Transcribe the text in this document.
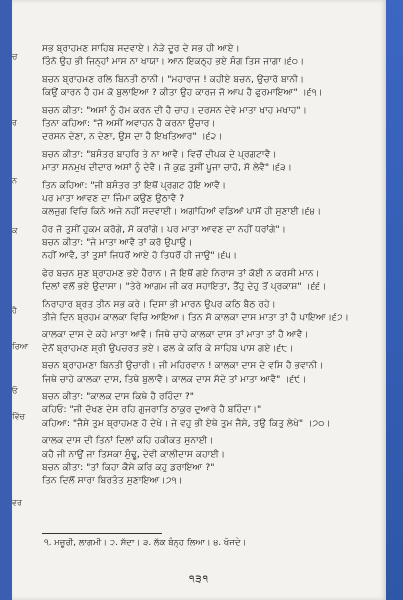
ਚ
ਰ
ਨ
ਕ
ਹੈ
ਰਿਆ
ਓ
ਵਿੱਚ
ਵਰ
ਸਭ ਬ੍ਰਾਹਮਣ ਸਾਹਿਬ ਸਦਵਾਏ। ਨੇੜੇ ਦੂਰ ਦੇ ਸਭ ਹੀ ਆਏ।
ਤਿੰਨੋ ਉਹ ਭੀ ਜਿਨ੍ਹਾਂ ਮਾਸ ਨਾ ਖਾਯਾ। ਆਨ ਇਕਠ੍ਹ ਭਏ ਸੰਗ ਤਿਸ ਜਾਗਾ।੬੦।
ਬਚਨ ਬ੍ਰਾਹਮਣ ਰਲਿ ਬਿਨਤੀ ਠਾਨੀ। "ਮਹਾਰਾਜ ! ਕਹੀਏ ਬਚਨ, ਉਚਾਰੋ ਬਾਨੀ।
ਕਿਉਂ ਕਾਰਨ ਹੈ ਹਮ ਕੋ ਬੁਲਾਇਆ ? ਕੀਤਾ ਉਹ ਕਾਰਜ ਜੋ ਆਪ ਹੈ ਫੁਰਮਾਇਆ" ।੬੧।
ਬਚਨ ਕੀਤਾ: "ਅਸਾਂ ਨੂੰ ਹੋਮ ਕਰਨ ਦੀ ਹੈ ਚਾਹ। ਦਰਸਨ ਦੇਵੇ ਮਾਤਾ ਖਾਹ ਮਖਾਹ"।
ਤਿਨਾ ਕਹਿਆ: "ਜੋ ਅਸੀਂ ਅਵਾਹਨ ਹੈ ਕਰਨਾ ਉਚਾਰ।
ਦਰਸਨ ਦੇਣਾ, ਨ ਦੇਣਾ, ਉਸ ਦਾ ਹੈ ਇਖਤਿਆਰ" ।੬੨।
ਬਚਨ ਕੀਤਾ: "ਬਸੰਤਰ ਬਾਹਰਿ ਤੇ ਨਾ ਆਵੈ। ਵਿਚੋਂ ਦੀਪਕ ਦੇ ਪ੍ਰਗਟਾਵੈ।
ਮਾਤਾ ਸਨਮੁਖ ਦੀਦਾਰ ਅਸਾਂ ਨੂੰ ਦੇਵੈ। ਜੋ ਕੁਛ ਤੁਸੀਂ ਪੂਜਾ ਚਾਹੋ, ਸੋ ਲੇਵੈ"।੬੩।
ਤਿਨ ਕਹਿਆ: "ਜੀ ਬਸੰਤਰ ਤਾਂ ਇਥੋਂ ਪ੍ਰਗਟ ਹੋਇ ਆਵੈ।
ਪਰ ਮਾਤਾ ਆਵਣ ਦਾ ਜਿੰਮਾ ਕਉਣ ਉਠਾਵੈ ?
ਕਲਜੁਗ ਵਿਚਿ ਕਿਨੇ ਅਜੇ ਨਹੀਂ ਸਦਵਾਈ। ਅਗਾਂਹਿਆਂ ਵਡਿਆਂ ਪਾਸੋਂ ਹੀ ਸੁਣਾਈ।੬੪।
ਹੋਰ ਜੋ ਤੁਸੀਂ ਹੁਕਮ ਕਰੋਗੇ, ਸੋ ਕਰਾਂਗੇ। ਪਰ ਮਾਤਾ ਆਵਣ ਦਾ ਨਹੀਂ ਧਰਾਂਗੇ"।
ਬਚਨ ਕੀਤਾ: "ਜੇ ਮਾਤਾ ਆਵੈ ਤਾਂ ਕਰੋ ਉਪਾਉ।
ਨਹੀਂ ਆਵੈ, ਤਾਂ ਤੁਸਾਂ ਜਿਧਰੋਂ ਆਏ ਹੋ ਤਿਧਰੋਂ ਹੀ ਜਾਉ"।੬੫।
ਫੇਰ ਬਚਨ ਸੁਣ ਬ੍ਰਾਹਮਣ ਭਏ ਹੈਰਾਨ। ਜੋ ਇਥੋਂ ਗਏ ਨਿਰਾਸ ਤਾਂ ਕੋਈ ਨ ਕਰਸੀ ਮਾਨ।
ਦਿਲਾਂ ਵਲੋਂ ਭਏ ਉਦਾਸਾ। "ਤੇਰੇ ਆਗਮ ਜੀ ਕਰ ਸਹਾਇਤਾ, ਤੈਂਹੁ ਦੇਹੁ ਤੋਂ ਪ੍ਰਕਾਸ਼" ।੬੬।
ਨਿਰਾਹਾਰ ਬ੍ਰਤ ਤੀਨ ਸਭ ਕਰੇ। ਦਿਸਾ ਭੀ ਮਾਰਨ ਉਪਰ ਕਠਿ ਬੈਠ ਰਹੇ।
ਤੀਜੇ ਦਿਨ ਬ੍ਰਹਮ ਕਾਲਕਾ ਵਿਚਿ ਆਇਆ। ਤਿਨ ਸੋ ਕਾਲਕਾ ਦਾਸ ਮਾਤਾ ਤਾਂ ਹੈ ਪਾਇਆ।੬੭।
ਕਾਲਕਾ ਦਾਸ ਦੇ ਕਹੇ ਮਾਤਾ ਆਵੈ। ਜਿਥੇ ਚਾਹੇ ਕਾਲਕਾ ਦਾਸ ਤਾਂ ਮਾਤਾ ਤਾਂ ਹੈ ਆਵੈ।
ਦੇਨੋਂ ਬ੍ਰਾਹਮਣ ਸ਼੍ਰੀ ਉਪਚਰਤ ਭਏ। ਫਲ ਕੇ ਕਰਿ ਕੇ ਸਾਹਿਬ ਪਾਸ ਗਏ।੬੮।
ਬਚਨ ਬ੍ਰਾਹਮਣਾ ਬਿਨਤੀ ਉਚਾਰੀ। ਜੀ ਮਹਿਰਵਾਨ ! ਕਾਲਕਾ ਦਾਸ ਦੇ ਵਸਿ ਹੈ ਭਵਾਨੀ।
ਜਿਥੇ ਚਾਹੇ ਕਾਲਕਾ ਦਾਸ, ਤਿਥੇ ਬੁਲਾਵੈ। ਕਾਲਕ ਦਾਸ ਸੱਦੇ ਤਾਂ ਮਾਤਾ ਆਵੈ" ।੬੯।
ਬਚਨ ਕੀਤਾ: "ਕਾਲਕ ਦਾਸ ਕਿਥੇ ਹੈ ਰਹਿੰਦਾ ?"
ਕਹਿਓ: "ਜੀ ਦੱਖਣ ਦੇਸ ਰਹਿ ਗੁਜਰਾਤਿ ਠਾਕੁਰ ਦੁਆਰੇ ਹੈ ਬਹਿੰਦਾ।"
ਕਹਿਆ: "ਜੈਸੇ ਤੁਮ ਬ੍ਰਾਹਮਣ ਹੋ ਦੇਖੇ। ਜੇ ਵਹੁ ਭੀ ਏਥੇ ਤੁਮ ਜੈਸੇ, ਤਉ ਕਿਤੁ ਲੇਖੇ" ।੭੦।
ਕਾਲਕ ਦਾਸ ਦੀ ਤਿਨਾਂ ਦਿਲਾਂ ਕਹਿ ਹਕੀਕਤ ਸੁਨਾਈ।
ਕਹੈ ਜੀ ਨਾਉਂ ਜਾ ਤਿਸਕਾ ਸੁੰਢੂ, ਦੇਵੀ ਕਾਲੀਦਾਸ ਕਹਾਈ।
ਬਚਨ ਕੀਤਾ: "ਤਾਂ ਕਿਹਾ ਕੈਸੇ ਕਰਿ ਕਹੁ ਡਰਾਇਆ ?"
ਤਿਨ ਦਿਲੋਂ ਸਾਰਾ ਬਿਰਤੰਤ ਸੁਣਾਇਆ।੭੧।
੧. ਮਜ਼ੂਰੀ, ਲਾਗਮੀ। ੨. ਸੱਦਾ। ੩. ਲੱਕ ਬੰਨ੍ਹ ਲਿਆ। ੪. ਖੋਜਦੇ।
੧੩੧
